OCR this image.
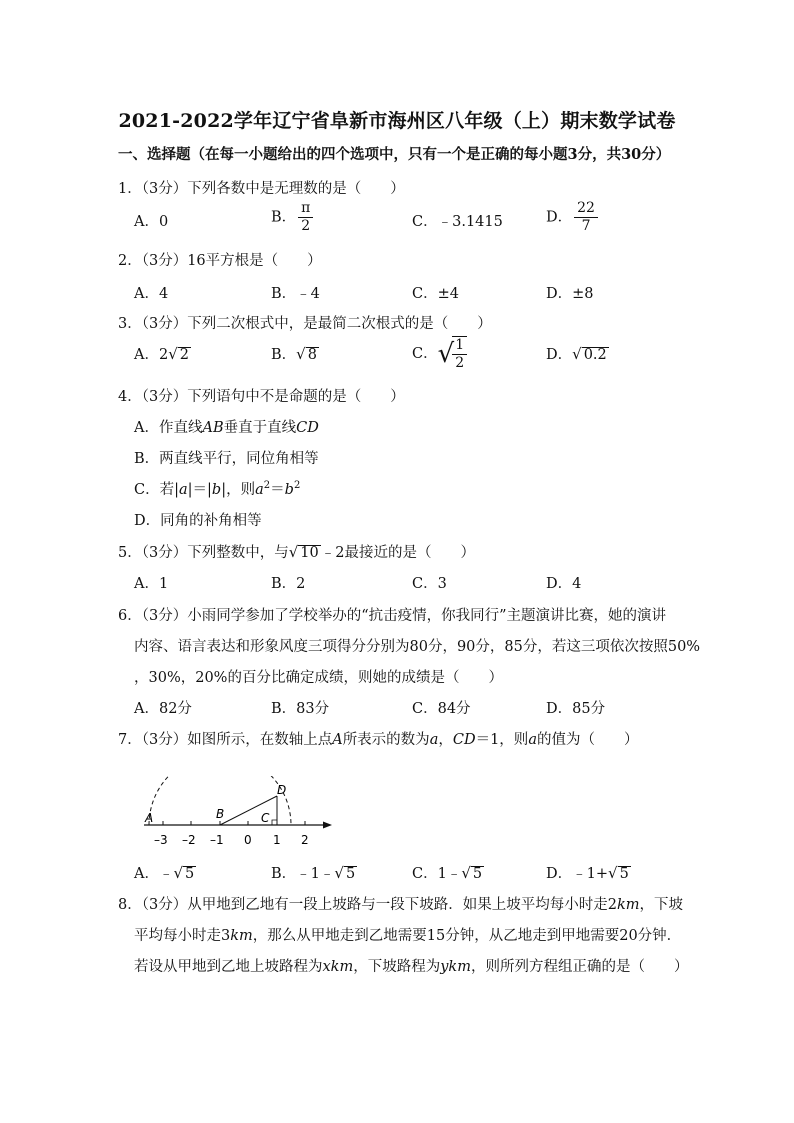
2021-2022学年辽宁省阜新市海州区八年级（上）期末数学试卷
一、选择题（在每一小题给出的四个选项中，只有一个是正确的每小题3分，共30分）
1．（3分）下列各数中是无理数的是（　　）
A．0	B． $\frac{\pi}{2}$	C．﹣3.1415	D． $\frac{22}{7}$
2．（3分）16平方根是（　　）
A．4	B．﹣4	C．±4	D．±8
3．（3分）下列二次根式中，是最简二次根式的是（　　）
A．2√ 2	B．√ 8	C．√
$\frac{1}{2}$	D．√ 0.2
4．（3分）下列语句中不是命题的是（　　）
A．作直线AB垂直于直线CD
B．两直线平行，同位角相等
C．若|a|＝|b|，则$a^2=b^2$
D．同角的补角相等
5．（3分）下列整数中，与√ 10 ﹣2最接近的是（　　）
A．1	B．2	C．3	D．4
6．（3分）小雨同学参加了学校举办的“抗击疫情，你我同行”主题演讲比赛，她的演讲
内容、语言表达和形象风度三项得分分别为80分，90分，85分，若这三项依次按照50%
，30%，20%的百分比确定成绩，则她的成绩是（　　）
A．82分	B．83分	C．84分	D．85分
7．（3分）如图所示，在数轴上点A所表示的数为a，CD＝1，则a的值为（　　）
A	B	C
D
–3 –2 –1 0 1 2
A．﹣√ 5	B．﹣1﹣√ 5	C．1﹣√ 5	D．﹣1+√ 5
8．（3分）从甲地到乙地有一段上坡路与一段下坡路．如果上坡平均每小时走2km，下坡
平均每小时走3km，那么从甲地走到乙地需要15分钟，从乙地走到甲地需要20分钟．
若设从甲地到乙地上坡路程为xkm，下坡路程为ykm，则所列方程组正确的是（　　）
